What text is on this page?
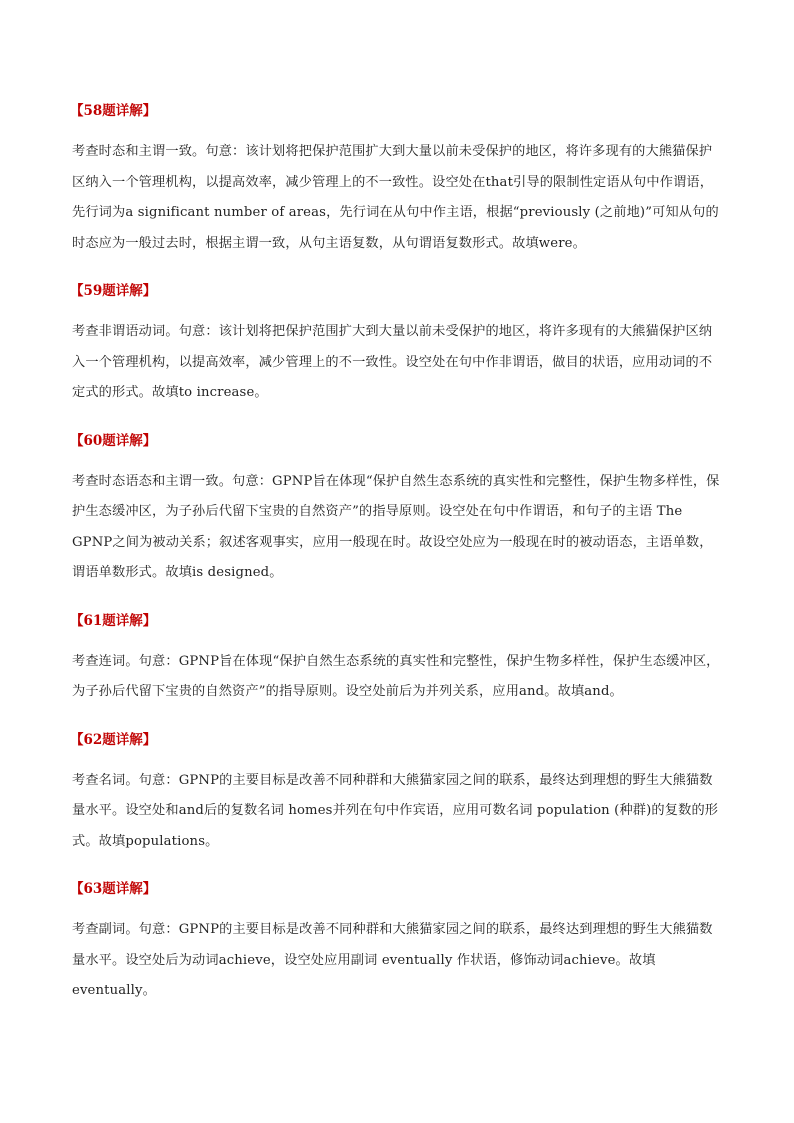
【58题详解】
考查时态和主谓一致。句意：该计划将把保护范围扩大到大量以前未受保护的地区，将许多现有的大熊猫保护区纳入一个管理机构，以提高效率，减少管理上的不一致性。设空处在that引导的限制性定语从句中作谓语，先行词为a significant number of areas，先行词在从句中作主语，根据“previously (之前地)”可知从句的时态应为一般过去时，根据主谓一致，从句主语复数，从句谓语复数形式。故填were。
【59题详解】
考查非谓语动词。句意：该计划将把保护范围扩大到大量以前未受保护的地区，将许多现有的大熊猫保护区纳入一个管理机构，以提高效率，减少管理上的不一致性。设空处在句中作非谓语，做目的状语，应用动词的不定式的形式。故填to increase。
【60题详解】
考查时态语态和主谓一致。句意：GPNP旨在体现“保护自然生态系统的真实性和完整性，保护生物多样性，保护生态缓冲区，为子孙后代留下宝贵的自然资产”的指导原则。设空处在句中作谓语，和句子的主语 The GPNP之间为被动关系；叙述客观事实，应用一般现在时。故设空处应为一般现在时的被动语态，主语单数，谓语单数形式。故填is designed。
【61题详解】
考查连词。句意：GPNP旨在体现“保护自然生态系统的真实性和完整性，保护生物多样性，保护生态缓冲区，为子孙后代留下宝贵的自然资产”的指导原则。设空处前后为并列关系，应用and。故填and。
【62题详解】
考查名词。句意：GPNP的主要目标是改善不同种群和大熊猫家园之间的联系，最终达到理想的野生大熊猫数量水平。设空处和and后的复数名词 homes并列在句中作宾语，应用可数名词 population (种群)的复数的形式。故填populations。
【63题详解】
考查副词。句意：GPNP的主要目标是改善不同种群和大熊猫家园之间的联系，最终达到理想的野生大熊猫数量水平。设空处后为动词achieve，设空处应用副词 eventually 作状语，修饰动词achieve。故填eventually。
